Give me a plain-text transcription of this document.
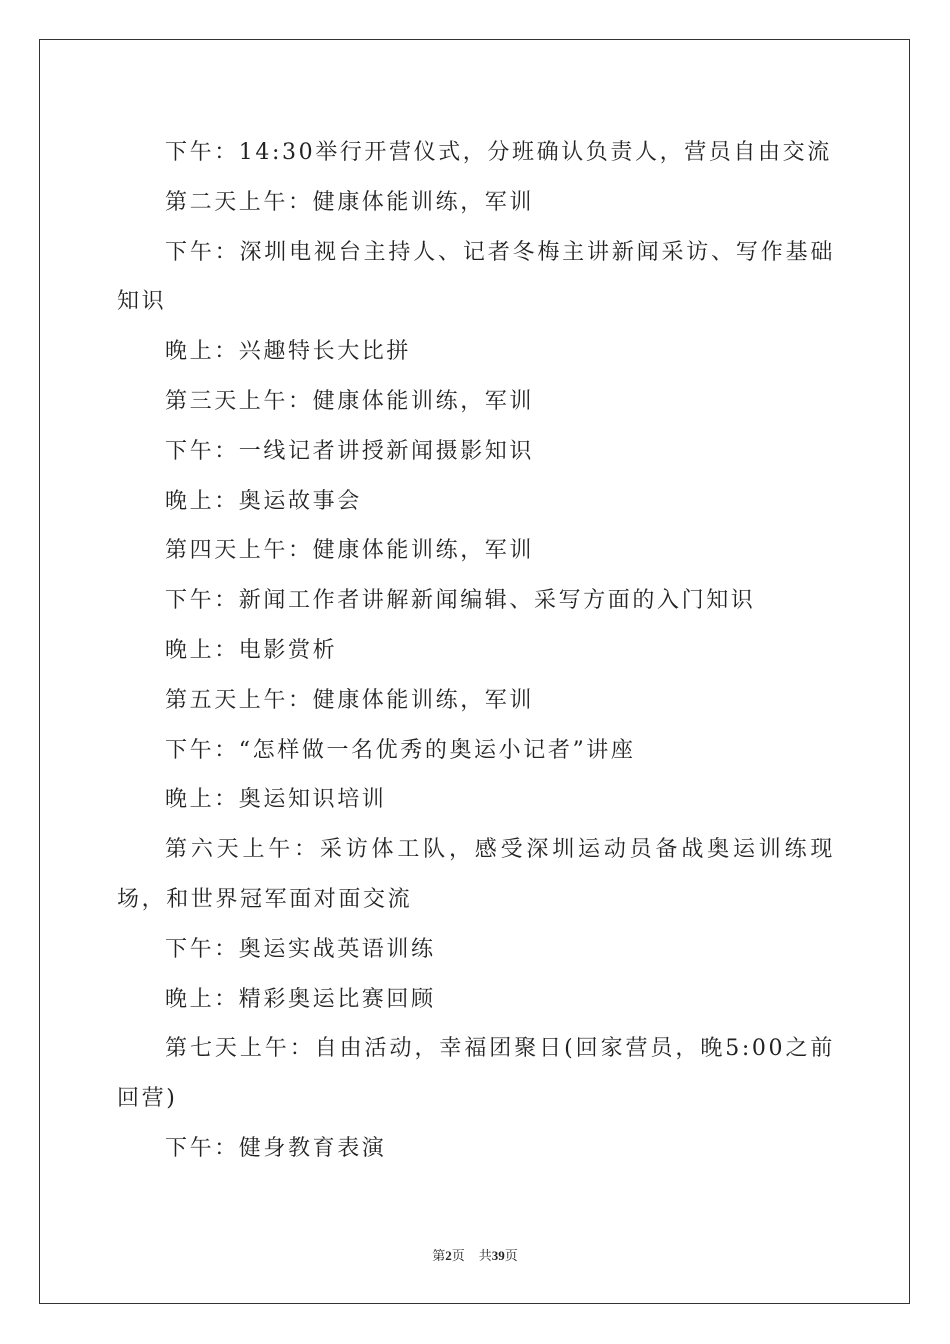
下午：14:30举行开营仪式，分班确认负责人，营员自由交流

第二天上午：健康体能训练，军训

下午：深圳电视台主持人、记者冬梅主讲新闻采访、写作基础知识

晚上：兴趣特长大比拼

第三天上午：健康体能训练，军训

下午：一线记者讲授新闻摄影知识

晚上：奥运故事会

第四天上午：健康体能训练，军训

下午：新闻工作者讲解新闻编辑、采写方面的入门知识

晚上：电影赏析

第五天上午：健康体能训练，军训

下午：“怎样做一名优秀的奥运小记者”讲座

晚上：奥运知识培训

第六天上午：采访体工队，感受深圳运动员备战奥运训练现场，和世界冠军面对面交流

下午：奥运实战英语训练

晚上：精彩奥运比赛回顾

第七天上午：自由活动，幸福团聚日(回家营员，晚5:00之前回营)

下午：健身教育表演

第2页 共39页
